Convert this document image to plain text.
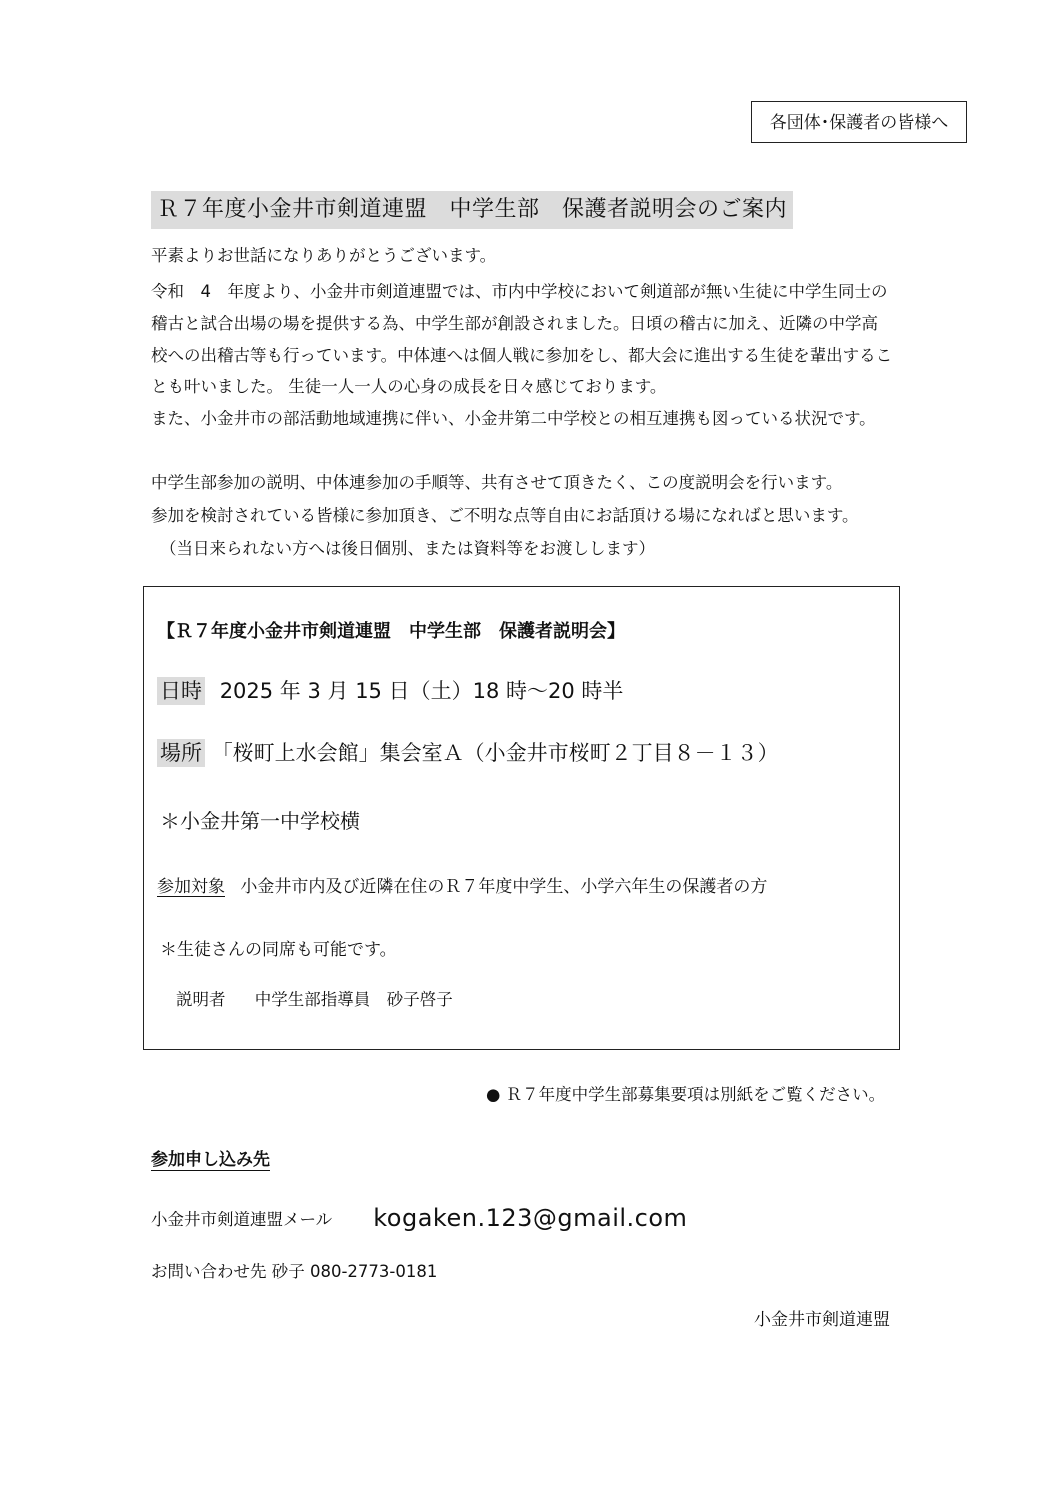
各団体･保護者の皆様へ
Ｒ７年度小金井市剣道連盟　中学生部　保護者説明会のご案内
平素よりお世話になりありがとうございます。
令和　4　年度より、小金井市剣道連盟では、市内中学校において剣道部が無い生徒に中学生同士の
稽古と試合出場の場を提供する為、中学生部が創設されました。日頃の稽古に加え、近隣の中学高
校への出稽古等も行っています。中体連へは個人戦に参加をし、都大会に進出する生徒を輩出するこ
とも叶いました。 生徒一人一人の心身の成長を日々感じております。
また、小金井市の部活動地域連携に伴い、小金井第二中学校との相互連携も図っている状況です。
中学生部参加の説明、中体連参加の手順等、共有させて頂きたく、この度説明会を行います。
参加を検討されている皆様に参加頂き、ご不明な点等自由にお話頂ける場になればと思います。
（当日来られない方へは後日個別、または資料等をお渡しします）
【Ｒ７年度小金井市剣道連盟　中学生部　保護者説明会】
日時 2025 年 3 月 15 日（土）18 時～20 時半
場所 「桜町上水会館」集会室Ａ（小金井市桜町２丁目８－１３）
＊小金井第一中学校横
参加対象 小金井市内及び近隣在住のＲ７年度中学生、小学六年生の保護者の方
＊生徒さんの同席も可能です。
説明者 中学生部指導員　砂子啓子
● Ｒ７年度中学生部募集要項は別紙をご覧ください。
参加申し込み先
小金井市剣道連盟メール kogaken.123@gmail.com
お問い合わせ先 砂子 080-2773-0181
小金井市剣道連盟
